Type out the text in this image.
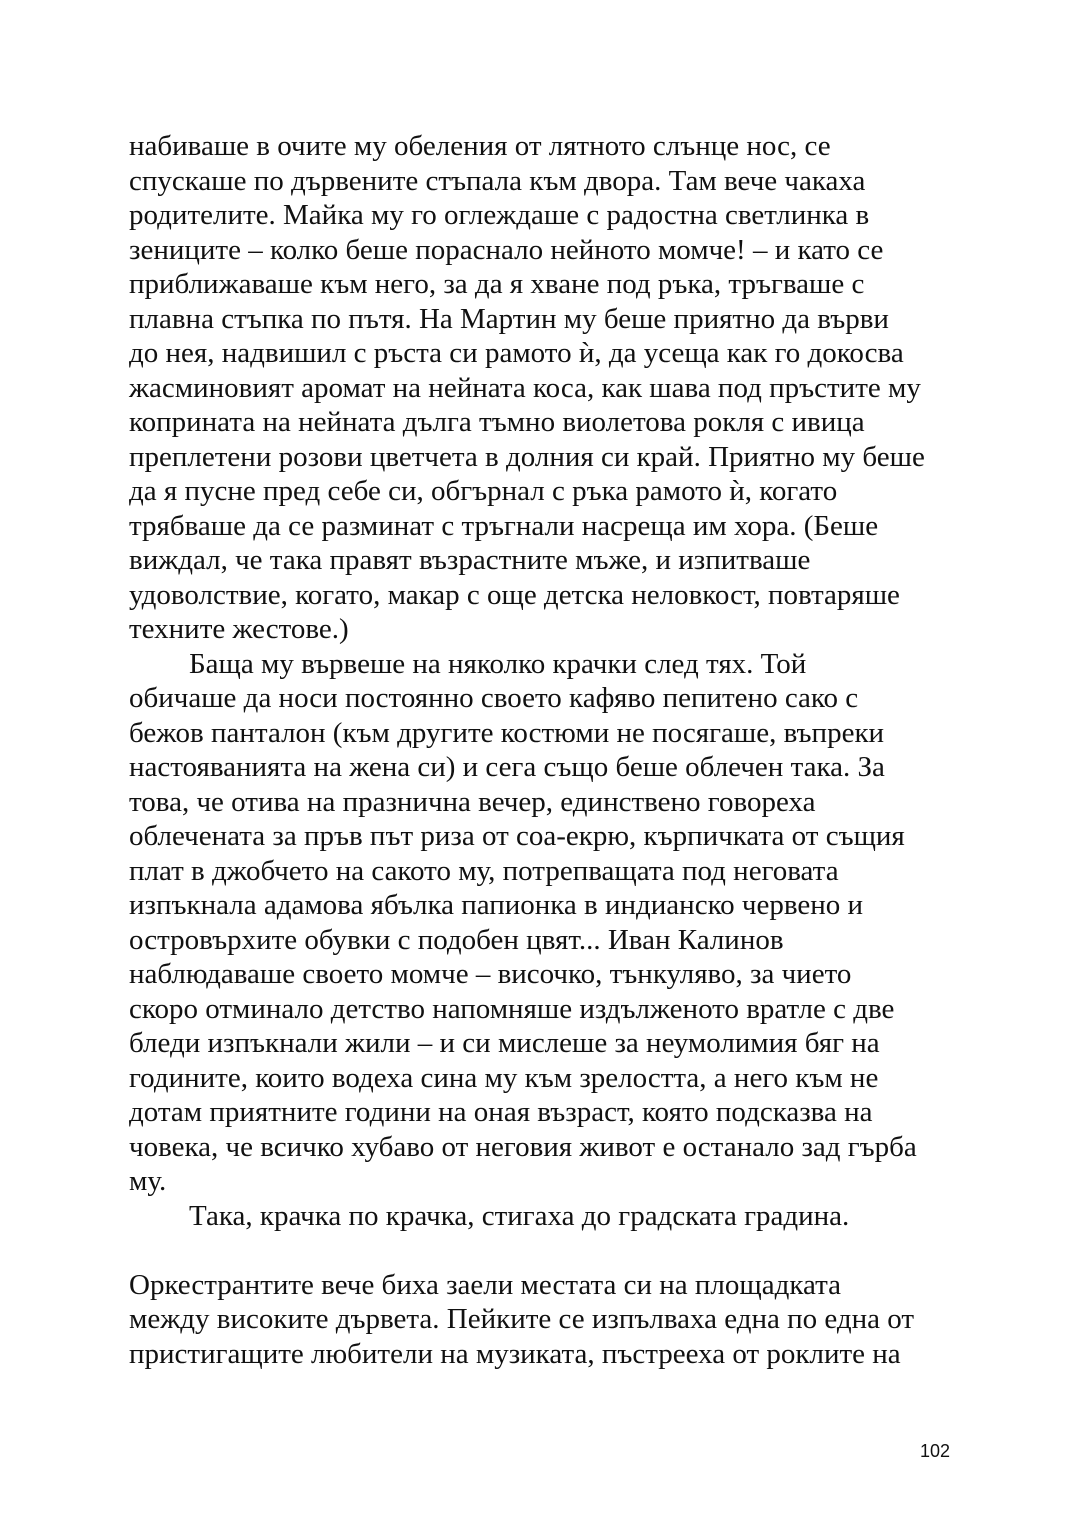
набиваше в очите му обеления от лятното слънце нос, се
спускаше по дървените стъпала към двора. Там вече чакаха
родителите. Майка му го оглеждаше с радостна светлинка в
зениците – колко беше порасналo нейното момче! – и като се
приближаваше към него, за да я хване под ръка, тръгваше с
плавна стъпка по пътя. На Мартин му беше приятно да върви
до нея, надвишил с ръста си рамото ѝ, да усеща как го докосва
жасминовият аромат на нейната коса, как шава под пръстите му
коприната на нейната дълга тъмно виолетова рокля с ивица
преплетени розови цветчета в долния си край. Приятно му беше
да я пусне пред себе си, обгърнал с ръка рамото ѝ, когато
трябваше да се разминат с тръгнали насреща им хора. (Беше
виждал, че така правят възрастните мъже, и изпитваше
удоволствие, когато, макар с още детска неловкост, повтаряше
техните жестове.)
Бащa му вървеше на няколко крачки след тях. Той
обичаше да носи постоянно своето кафяво пепитено сако с
бежов панталон (към другите костюми не посягаше, въпреки
настояванията на жена си) и сега също беше облечен така. За
това, че отива на празнична вечер, единствено говореха
облечената за пръв път риза от соа-екрю, кърпичката от същия
плат в джобчето на сакото му, потрепващата под неговата
изпъкнала адамова ябълка папионка в индианско червено и
островърхите обувки с подобен цвят... Иван Калинов
наблюдаваше своето момче – височко, тънкуляво, за чието
скоро отминало детство напомняше издълженото вратле с две
бледи изпъкнали жили – и си мислеше за неумолимия бяг на
годините, които водеха сина му към зрелостта, а него към не
дотам приятните години на оная възраст, която подсказва на
човека, че всичко хубаво от неговия живот е останало зад гърба
му.
Така, крачка по крачка, стигаха до градската градина.
Оркестрантите вече биха заели местата си на площадката
между високите дървета. Пейките се изпълваха една по една от
пристигащите любители на музиката, пъстрееха от роклите на
102
